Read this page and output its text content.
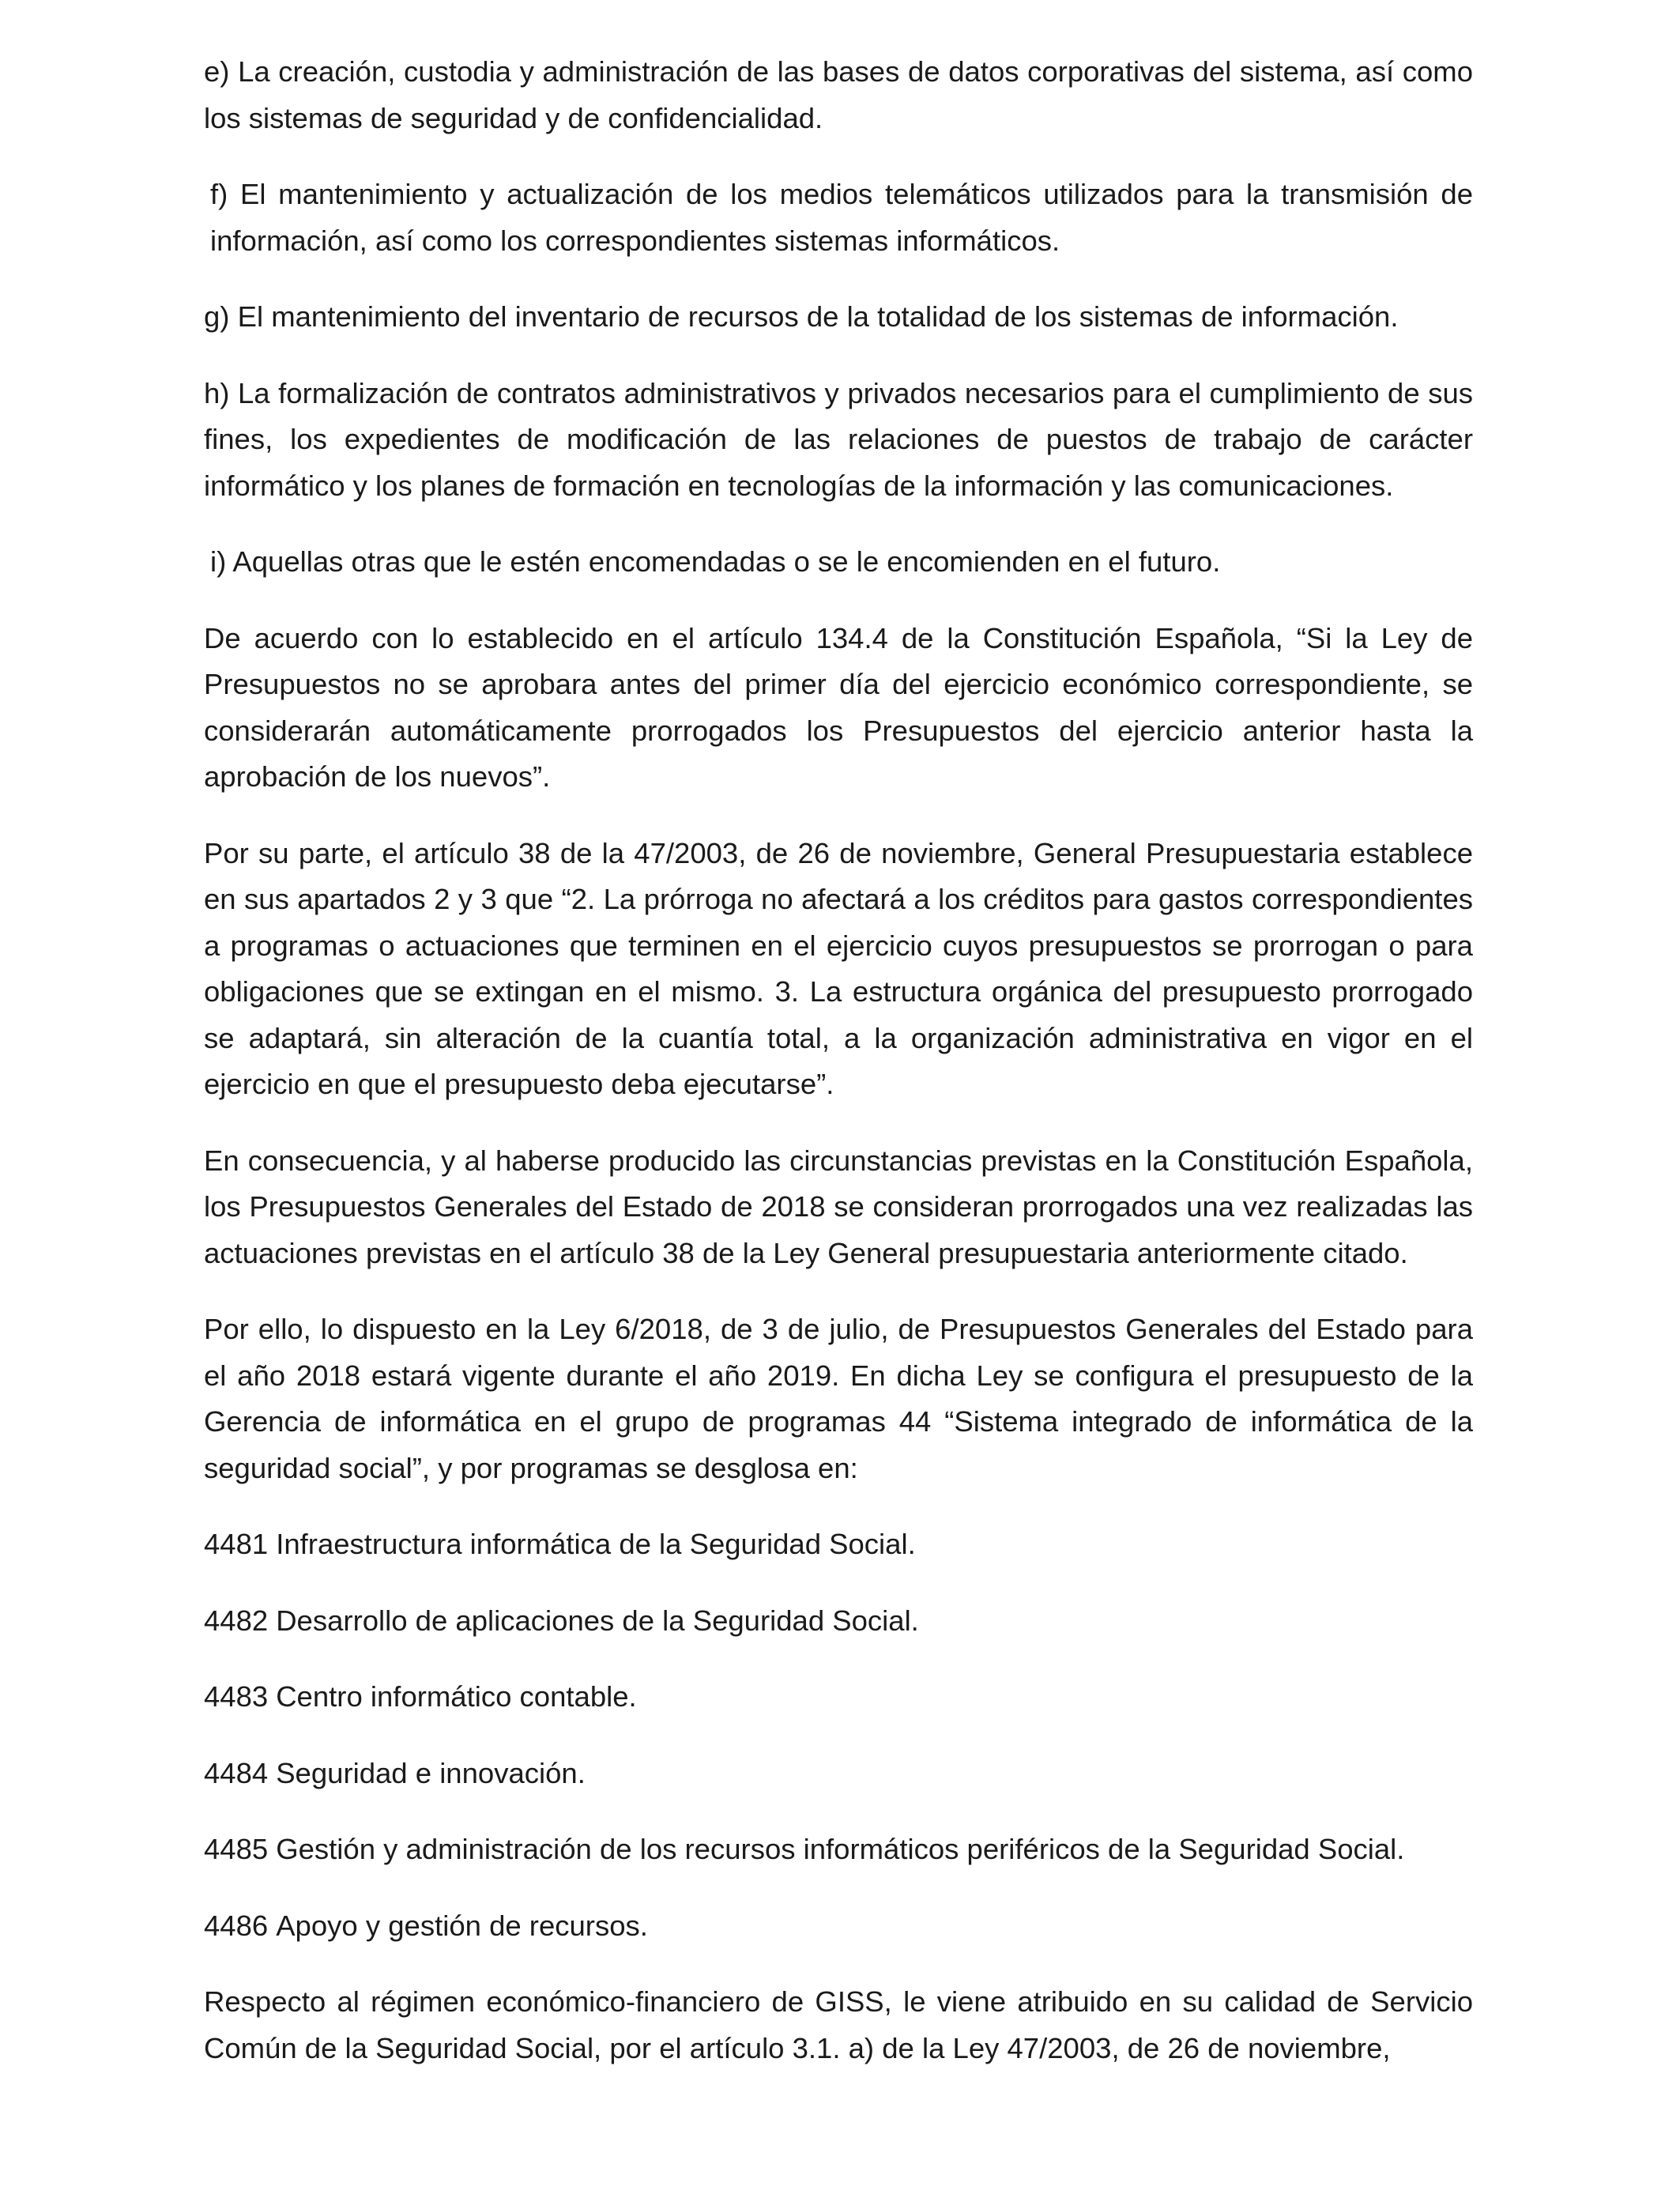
e) La creación, custodia y administración de las bases de datos corporativas del sistema, así como los sistemas de seguridad y de confidencialidad.

f) El mantenimiento y actualización de los medios telemáticos utilizados para la transmisión de información, así como los correspondientes sistemas informáticos.

g) El mantenimiento del inventario de recursos de la totalidad de los sistemas de información.

h) La formalización de contratos administrativos y privados necesarios para el cumplimiento de sus fines, los expedientes de modificación de las relaciones de puestos de trabajo de carácter informático y los planes de formación en tecnologías de la información y las comunicaciones.

i) Aquellas otras que le estén encomendadas o se le encomienden en el futuro.

De acuerdo con lo establecido en el artículo 134.4 de la Constitución Española, “Si la Ley de Presupuestos no se aprobara antes del primer día del ejercicio económico correspondiente, se considerarán automáticamente prorrogados los Presupuestos del ejercicio anterior hasta la aprobación de los nuevos”.

Por su parte, el artículo 38 de la 47/2003, de 26 de noviembre, General Presupuestaria establece en sus apartados 2 y 3 que “2. La prórroga no afectará a los créditos para gastos correspondientes a programas o actuaciones que terminen en el ejercicio cuyos presupuestos se prorrogan o para obligaciones que se extingan en el mismo. 3. La estructura orgánica del presupuesto prorrogado se adaptará, sin alteración de la cuantía total, a la organización administrativa en vigor en el ejercicio en que el presupuesto deba ejecutarse”.

En consecuencia, y al haberse producido las circunstancias previstas en la Constitución Española, los Presupuestos Generales del Estado de 2018 se consideran prorrogados una vez realizadas las actuaciones previstas en el artículo 38 de la Ley General presupuestaria anteriormente citado.

Por ello, lo dispuesto en la Ley 6/2018, de 3 de julio, de Presupuestos Generales del Estado para el año 2018 estará vigente durante el año 2019. En dicha Ley se configura el presupuesto de la Gerencia de informática en el grupo de programas 44 “Sistema integrado de informática de la seguridad social”, y por programas se desglosa en:

4481 Infraestructura informática de la Seguridad Social.
4482 Desarrollo de aplicaciones de la Seguridad Social.
4483 Centro informático contable.
4484 Seguridad e innovación.
4485 Gestión y administración de los recursos informáticos periféricos de la Seguridad Social.
4486 Apoyo y gestión de recursos.

Respecto al régimen económico-financiero de GISS, le viene atribuido en su calidad de Servicio Común de la Seguridad Social, por el artículo 3.1. a) de la Ley 47/2003, de 26 de noviembre,
